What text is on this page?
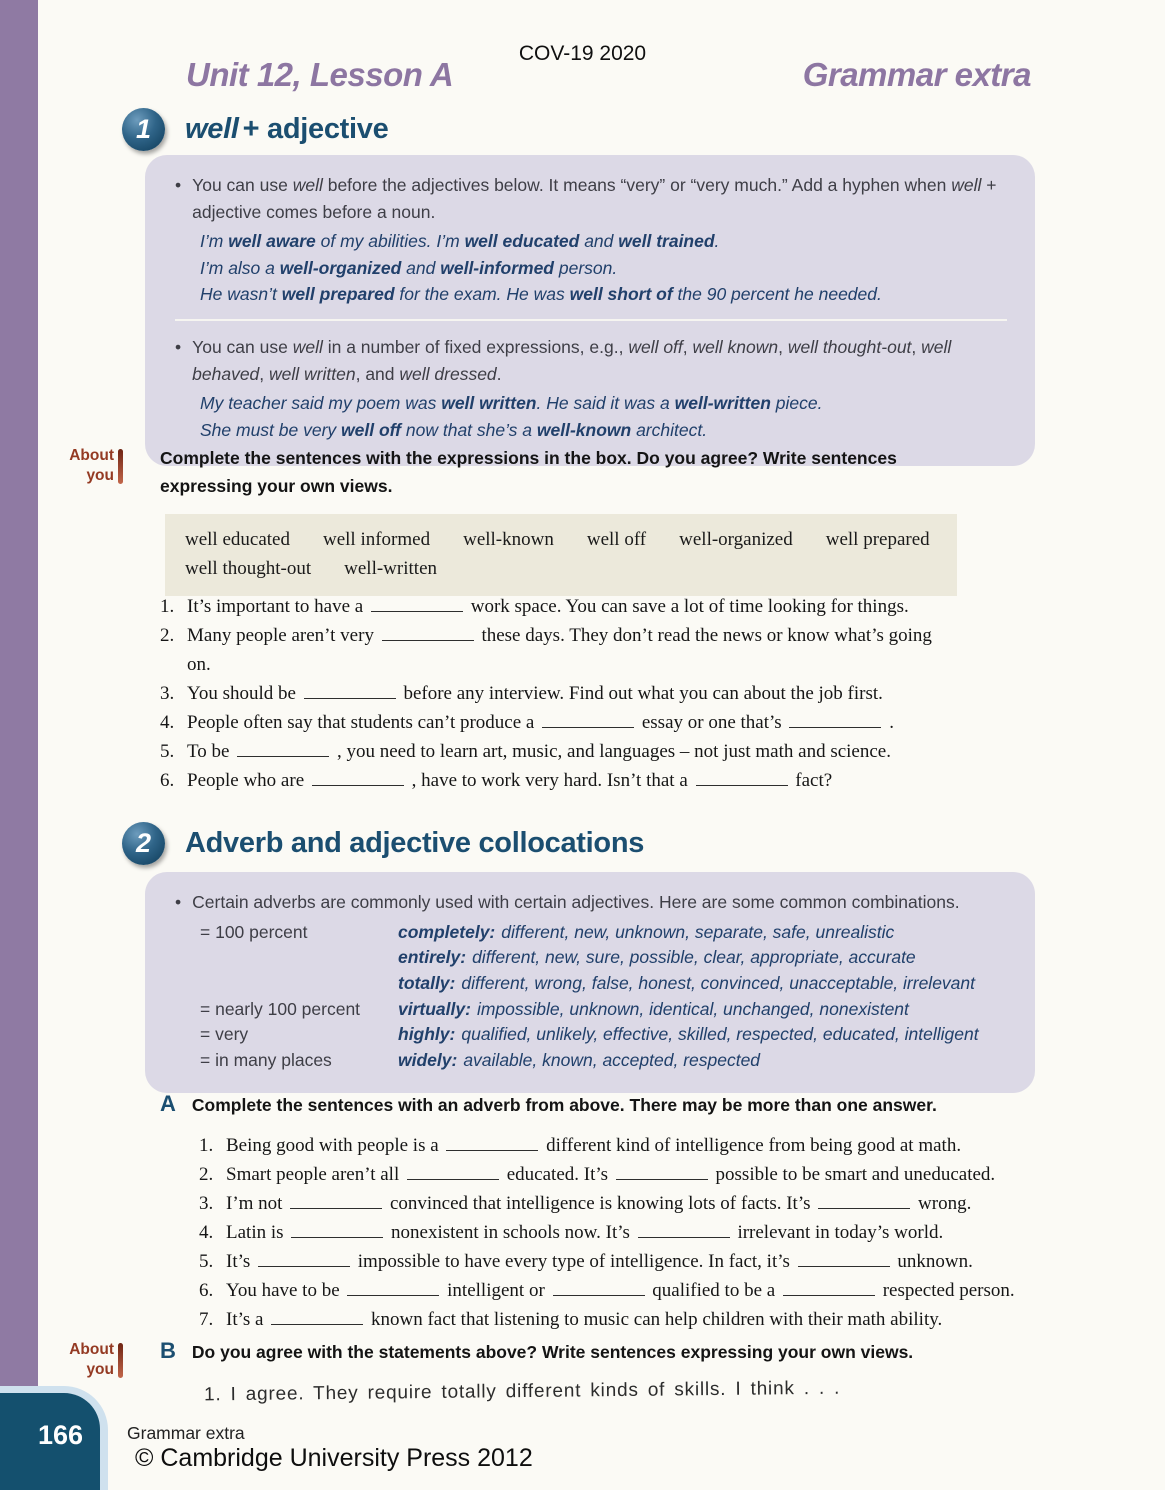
COV-19 2020
Unit 12, Lesson A	Grammar extra
1	well + adjective
• You can use well before the adjectives below. It means “very” or “very much.” Add a hyphen when well + adjective comes before a noun.
I’m well aware of my abilities. I’m well educated and well trained.
I’m also a well-organized and well-informed person.
He wasn’t well prepared for the exam. He was well short of the 90 percent he needed.
• You can use well in a number of fixed expressions, e.g., well off, well known, well thought-out, well behaved, well written, and well dressed.
My teacher said my poem was well written. He said it was a well-written piece.
She must be very well off now that she’s a well-known architect.
About
you
Complete the sentences with the expressions in the box. Do you agree? Write sentences expressing your own views.
well educated well informed well-known well off well-organized well prepared
well thought-out well-written
1. It’s important to have a	work space. You can save a lot of time looking for things.
2. Many people aren’t very	these days. They don’t read the news or know what’s going on.
3. You should be	before any interview. Find out what you can about the job first.
4. People often say that students can’t produce a	essay or one that’s	.
5. To be	, you need to learn art, music, and languages – not just math and science.
6. People who are	, have to work very hard. Isn’t that a	fact?
2	Adverb and adjective collocations
• Certain adverbs are commonly used with certain adjectives. Here are some common combinations.
= 100 percent	completely: different, new, unknown, separate, safe, unrealistic
entirely: different, new, sure, possible, clear, appropriate, accurate
totally: different, wrong, false, honest, convinced, unacceptable, irrelevant
= nearly 100 percent	virtually: impossible, unknown, identical, unchanged, nonexistent
= very	highly: qualified, unlikely, effective, skilled, respected, educated, intelligent
= in many places	widely: available, known, accepted, respected
A Complete the sentences with an adverb from above. There may be more than one answer.
1. Being good with people is a	different kind of intelligence from being good at math.
2. Smart people aren’t all	educated. It’s	possible to be smart and uneducated.
3. I’m not	convinced that intelligence is knowing lots of facts. It’s	wrong.
4. Latin is	nonexistent in schools now. It’s	irrelevant in today’s world.
5. It’s	impossible to have every type of intelligence. In fact, it’s	unknown.
6. You have to be	intelligent or	qualified to be a	respected person.
7. It’s a	known fact that listening to music can help children with their math ability.
About
you
B Do you agree with the statements above? Write sentences expressing your own views.
1. I agree. They require totally different kinds of skills. I think . . .
166	Grammar extra
© Cambridge University Press 2012
